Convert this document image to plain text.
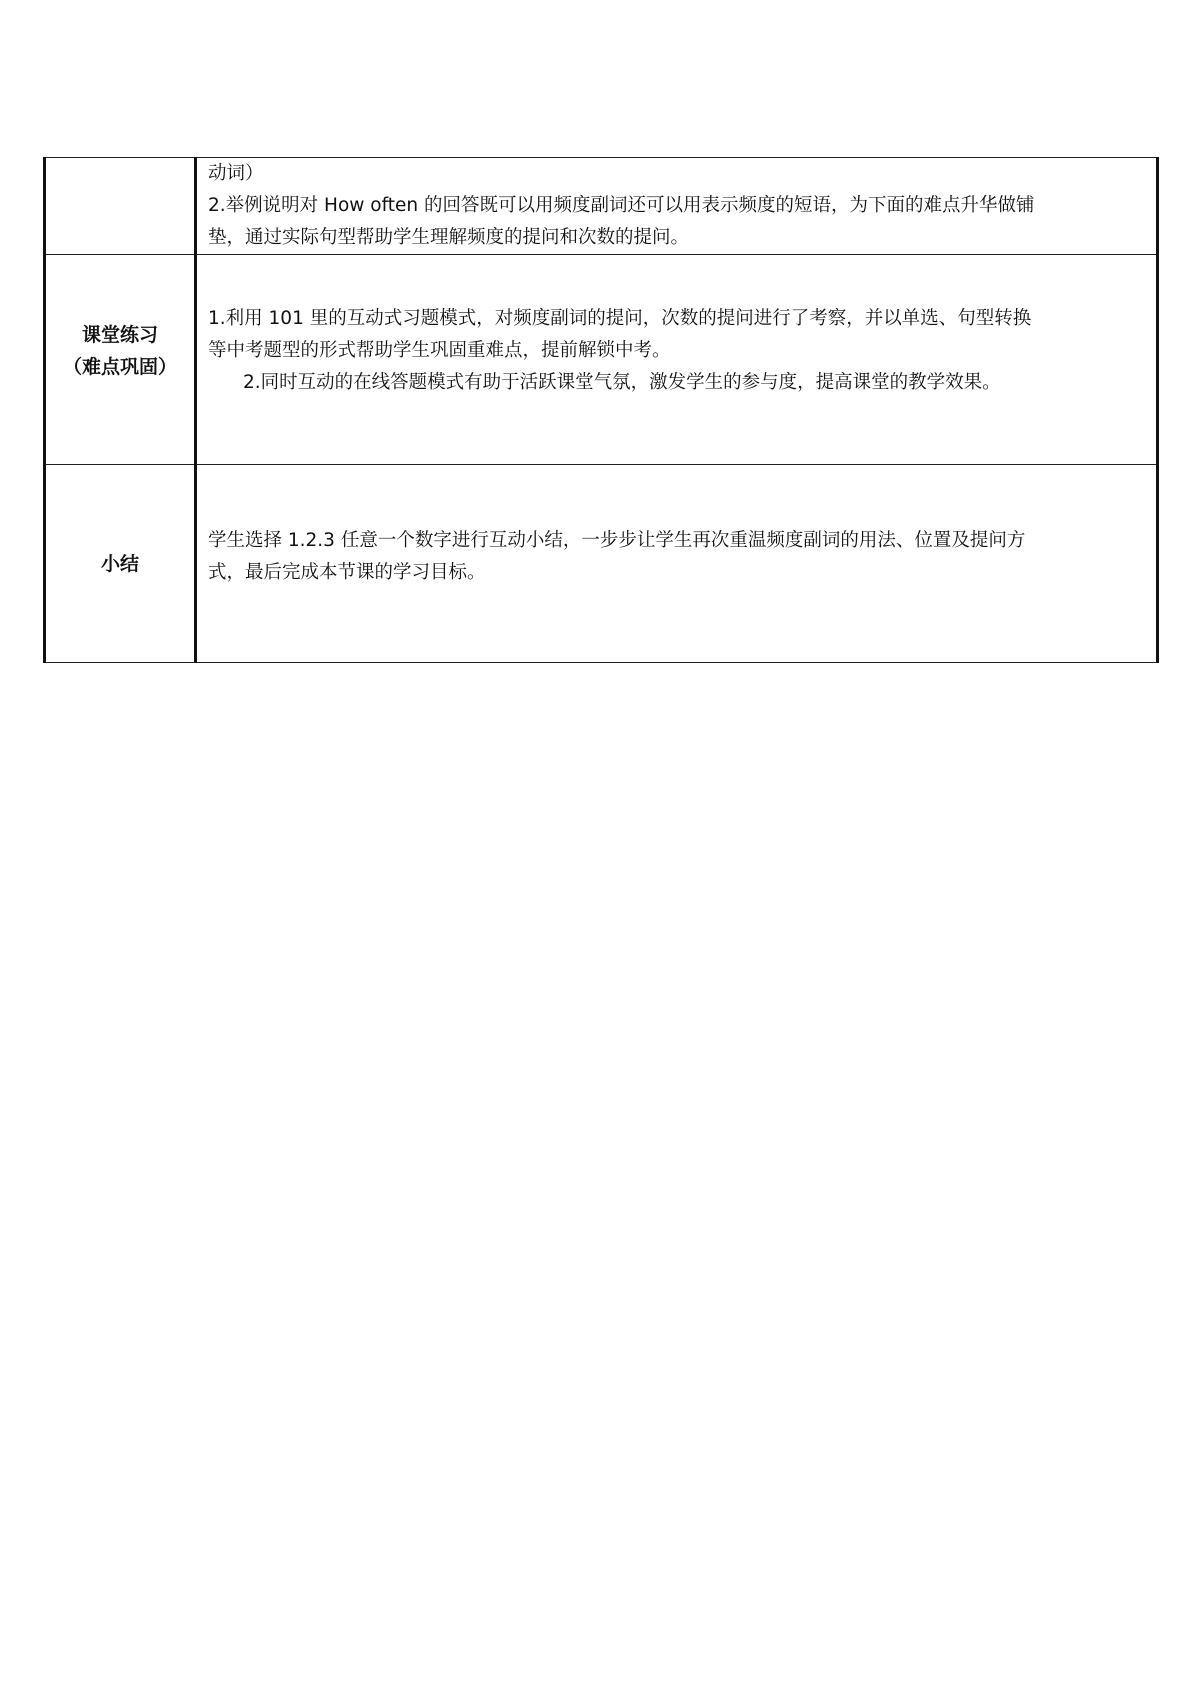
	动词）
2.举例说明对 How often 的回答既可以用频度副词还可以用表示频度的短语，为下面的难点升华做铺
垫，通过实际句型帮助学生理解频度的提问和次数的提问。

课堂练习
（难点巩固）	1.利用 101 里的互动式习题模式，对频度副词的提问，次数的提问进行了考察，并以单选、句型转换
等中考题型的形式帮助学生巩固重难点，提前解锁中考。
2.同时互动的在线答题模式有助于活跃课堂气氛，激发学生的参与度，提高课堂的教学效果。

小结	学生选择 1.2.3 任意一个数字进行互动小结，一步步让学生再次重温频度副词的用法、位置及提问方
式，最后完成本节课的学习目标。
